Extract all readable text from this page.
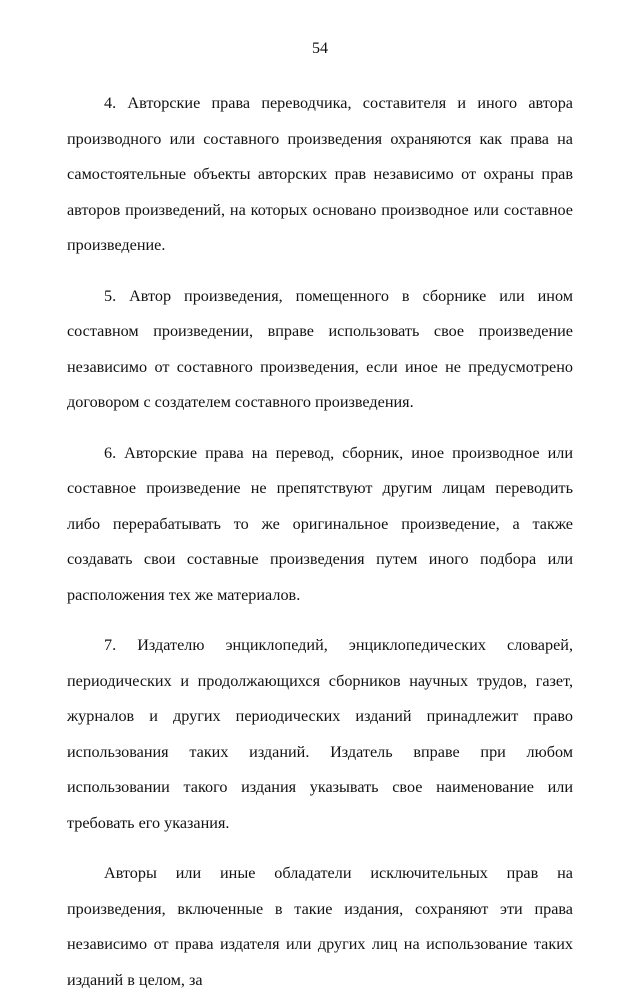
54

4. Авторские права переводчика, составителя и иного автора производного или составного произведения охраняются как права на самостоятельные объекты авторских прав независимо от охраны прав авторов произведений, на которых основано производное или составное произведение.

5. Автор произведения, помещенного в сборнике или ином составном произведении, вправе использовать свое произведение независимо от составного произведения, если иное не предусмотрено договором с создателем составного произведения.

6. Авторские права на перевод, сборник, иное производное или составное произведение не препятствуют другим лицам переводить либо перерабатывать то же оригинальное произведение, а также создавать свои составные произведения путем иного подбора или расположения тех же материалов.

7. Издателю энциклопедий, энциклопедических словарей, периодических и продолжающихся сборников научных трудов, газет, журналов и других периодических изданий принадлежит право использования таких изданий. Издатель вправе при любом использовании такого издания указывать свое наименование или требовать его указания.

Авторы или иные обладатели исключительных прав на произведения, включенные в такие издания, сохраняют эти права независимо от права издателя или других лиц на использование таких изданий в целом, за
